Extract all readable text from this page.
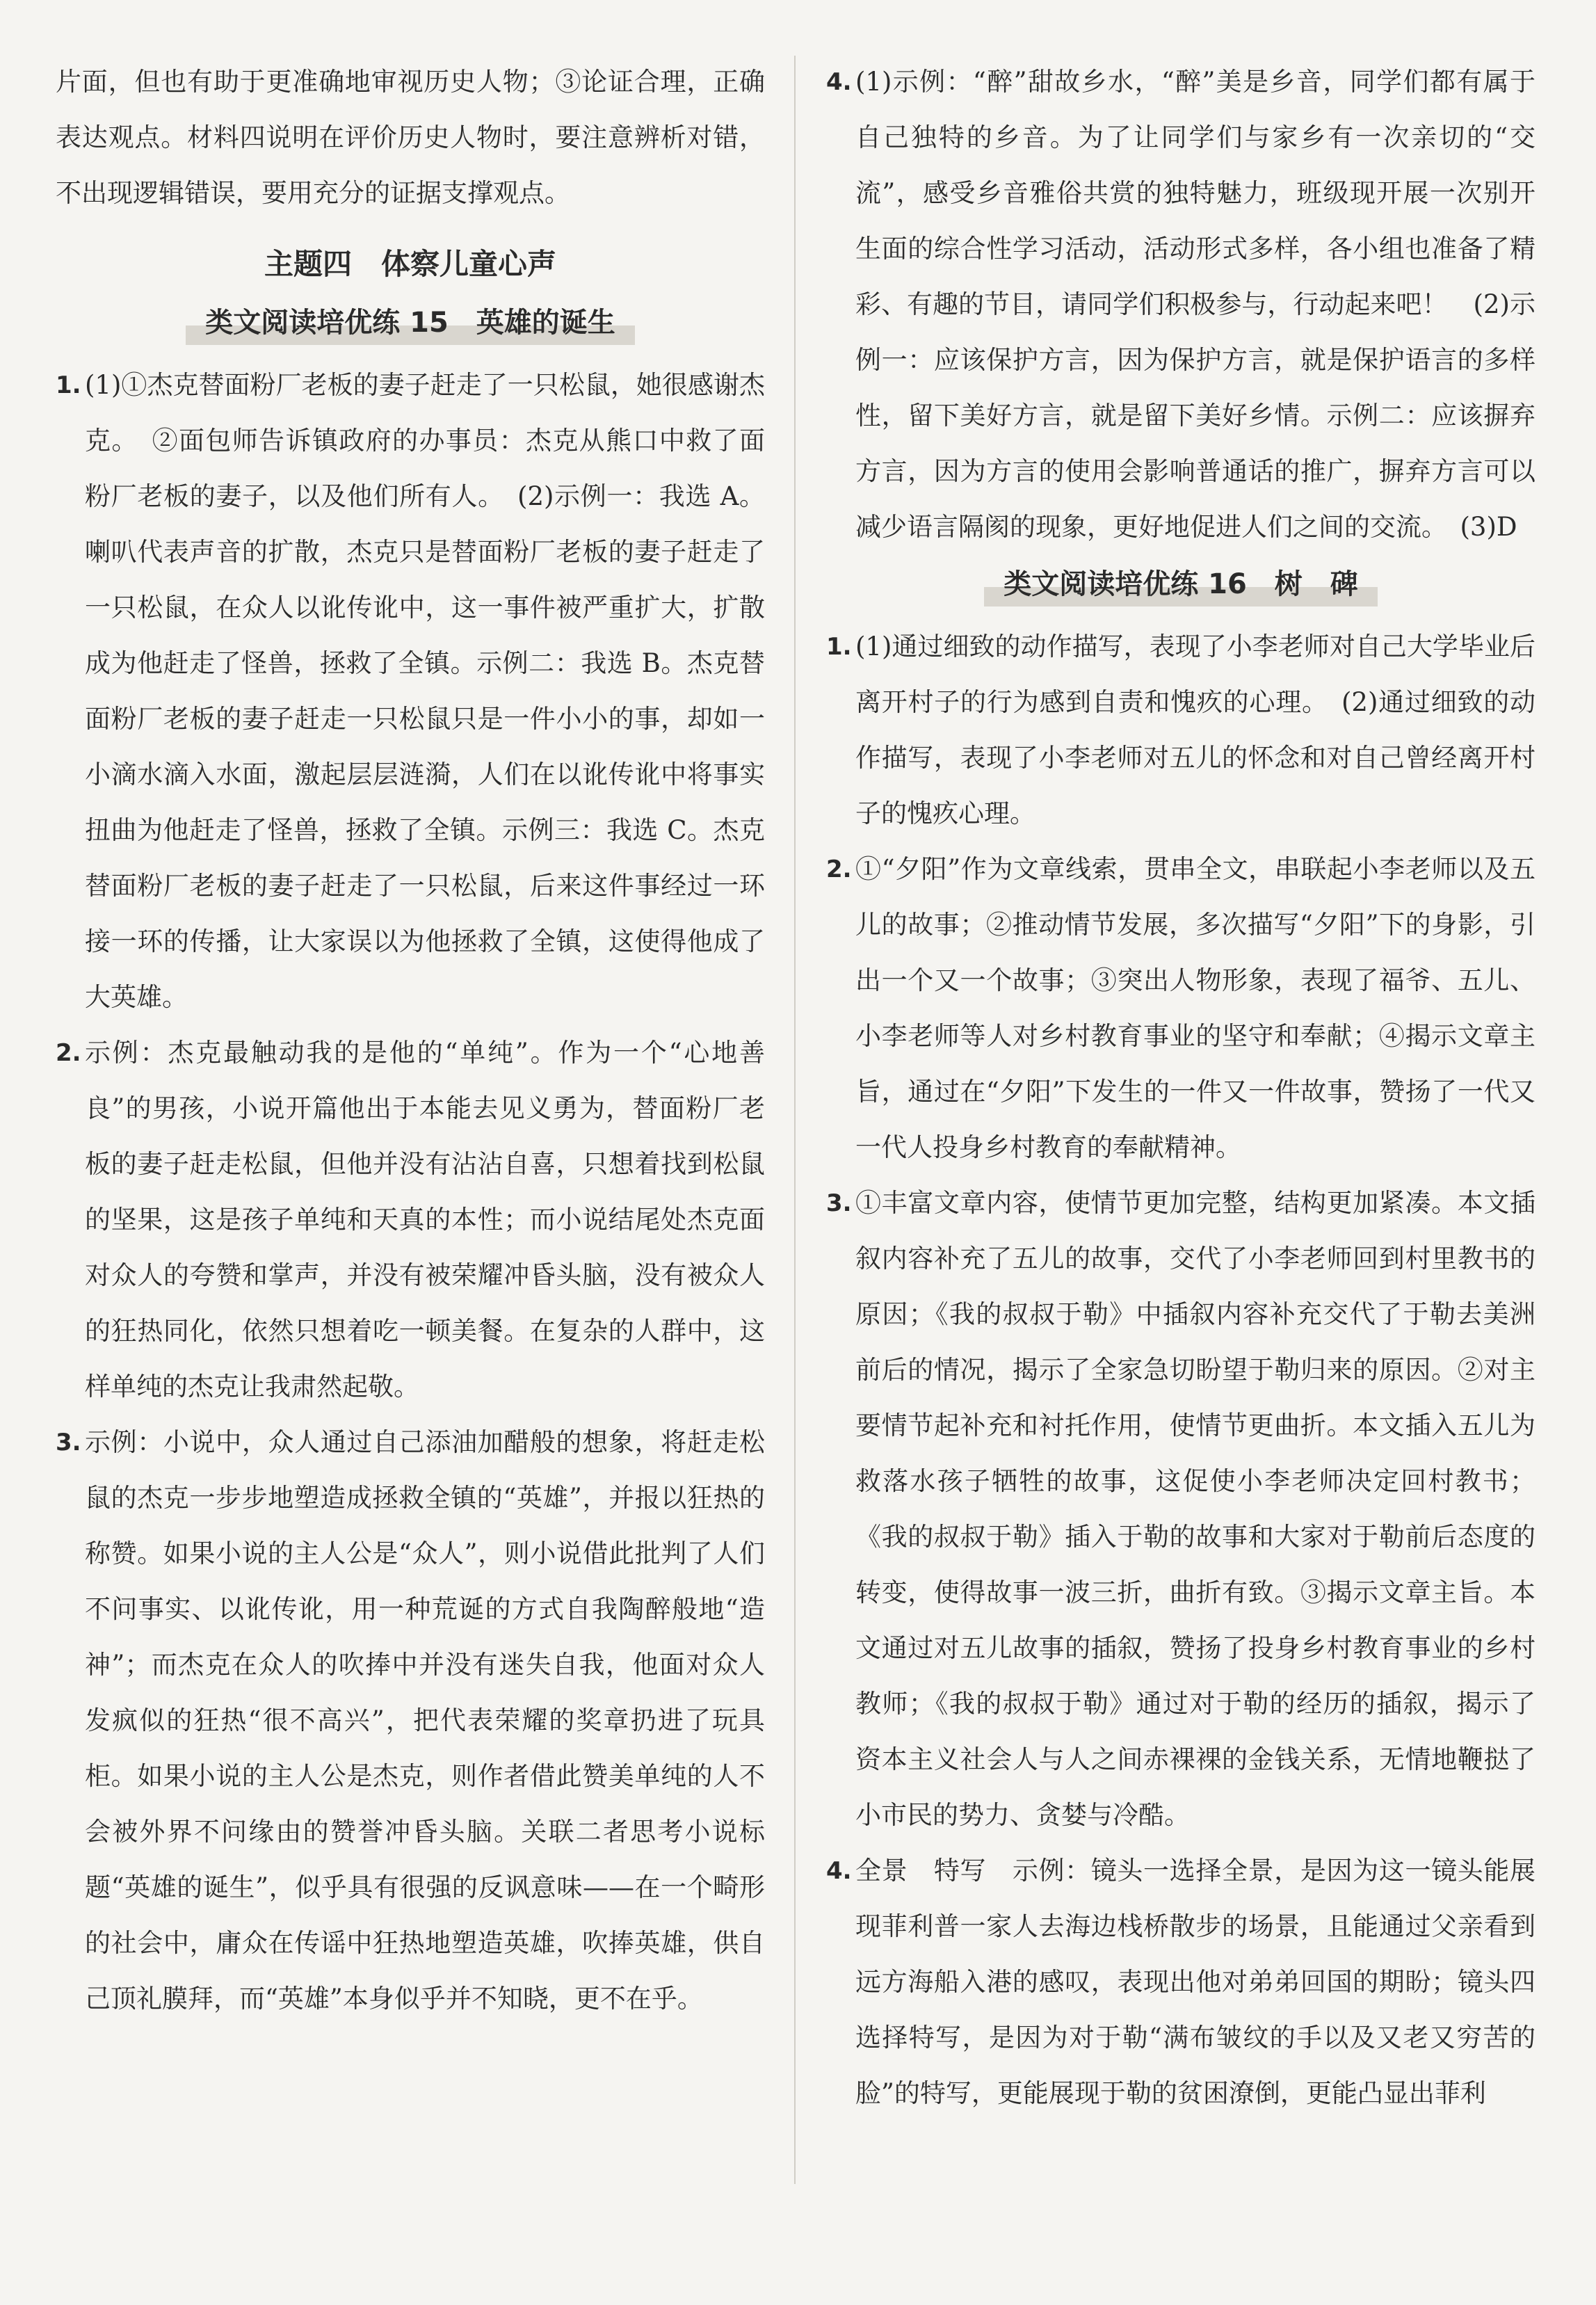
片面，但也有助于更准确地审视历史人物；③论证合理，正确表达观点。材料四说明在评价历史人物时，要注意辨析对错，不出现逻辑错误，要用充分的证据支撑观点。

主题四　体察儿童心声
类文阅读培优练 15　英雄的诞生
1. (1)①杰克替面粉厂老板的妻子赶走了一只松鼠，她很感谢杰克。　②面包师告诉镇政府的办事员：杰克从熊口中救了面粉厂老板的妻子，以及他们所有人。　(2)示例一：我选 A。喇叭代表声音的扩散，杰克只是替面粉厂老板的妻子赶走了一只松鼠，在众人以讹传讹中，这一事件被严重扩大，扩散成为他赶走了怪兽，拯救了全镇。示例二：我选 B。杰克替面粉厂老板的妻子赶走一只松鼠只是一件小小的事，却如一小滴水滴入水面，激起层层涟漪，人们在以讹传讹中将事实扭曲为他赶走了怪兽，拯救了全镇。示例三：我选 C。杰克替面粉厂老板的妻子赶走了一只松鼠，后来这件事经过一环接一环的传播，让大家误以为他拯救了全镇，这使得他成了大英雄。
2. 示例：杰克最触动我的是他的“单纯”。作为一个“心地善良”的男孩，小说开篇他出于本能去见义勇为，替面粉厂老板的妻子赶走松鼠，但他并没有沾沾自喜，只想着找到松鼠的坚果，这是孩子单纯和天真的本性；而小说结尾处杰克面对众人的夸赞和掌声，并没有被荣耀冲昏头脑，没有被众人的狂热同化，依然只想着吃一顿美餐。在复杂的人群中，这样单纯的杰克让我肃然起敬。
3. 示例：小说中，众人通过自己添油加醋般的想象，将赶走松鼠的杰克一步步地塑造成拯救全镇的“英雄”，并报以狂热的称赞。如果小说的主人公是“众人”，则小说借此批判了人们不问事实、以讹传讹，用一种荒诞的方式自我陶醉般地“造神”；而杰克在众人的吹捧中并没有迷失自我，他面对众人发疯似的狂热“很不高兴”，把代表荣耀的奖章扔进了玩具柜。如果小说的主人公是杰克，则作者借此赞美单纯的人不会被外界不问缘由的赞誉冲昏头脑。关联二者思考小说标题“英雄的诞生”，似乎具有很强的反讽意味——在一个畸形的社会中，庸众在传谣中狂热地塑造英雄，吹捧英雄，供自己顶礼膜拜，而“英雄”本身似乎并不知晓，更不在乎。
4. (1)示例：“醉”甜故乡水，“醉”美是乡音，同学们都有属于自己独特的乡音。为了让同学们与家乡有一次亲切的“交流”，感受乡音雅俗共赏的独特魅力，班级现开展一次别开生面的综合性学习活动，活动形式多样，各小组也准备了精彩、有趣的节目，请同学们积极参与，行动起来吧！　(2)示例一：应该保护方言，因为保护方言，就是保护语言的多样性，留下美好方言，就是留下美好乡情。示例二：应该摒弃方言，因为方言的使用会影响普通话的推广，摒弃方言可以减少语言隔阂的现象，更好地促进人们之间的交流。　(3)D
类文阅读培优练 16　树　碑
1. (1)通过细致的动作描写，表现了小李老师对自己大学毕业后离开村子的行为感到自责和愧疚的心理。　(2)通过细致的动作描写，表现了小李老师对五儿的怀念和对自己曾经离开村子的愧疚心理。
2. ①“夕阳”作为文章线索，贯串全文，串联起小李老师以及五儿的故事；②推动情节发展，多次描写“夕阳”下的身影，引出一个又一个故事；③突出人物形象，表现了福爷、五儿、小李老师等人对乡村教育事业的坚守和奉献；④揭示文章主旨，通过在“夕阳”下发生的一件又一件故事，赞扬了一代又一代人投身乡村教育的奉献精神。
3. ①丰富文章内容，使情节更加完整，结构更加紧凑。本文插叙内容补充了五儿的故事，交代了小李老师回到村里教书的原因；《我的叔叔于勒》中插叙内容补充交代了于勒去美洲前后的情况，揭示了全家急切盼望于勒归来的原因。②对主要情节起补充和衬托作用，使情节更曲折。本文插入五儿为救落水孩子牺牲的故事，这促使小李老师决定回村教书；《我的叔叔于勒》插入于勒的故事和大家对于勒前后态度的转变，使得故事一波三折，曲折有致。③揭示文章主旨。本文通过对五儿故事的插叙，赞扬了投身乡村教育事业的乡村教师；《我的叔叔于勒》通过对于勒的经历的插叙，揭示了资本主义社会人与人之间赤裸裸的金钱关系，无情地鞭挞了小市民的势力、贪婪与冷酷。
4. 全景　特写　示例：镜头一选择全景，是因为这一镜头能展现菲利普一家人去海边栈桥散步的场景，且能通过父亲看到远方海船入港的感叹，表现出他对弟弟回国的期盼；镜头四选择特写，是因为对于勒“满布皱纹的手以及又老又穷苦的脸”的特写，更能展现于勒的贫困潦倒，更能凸显出菲利
